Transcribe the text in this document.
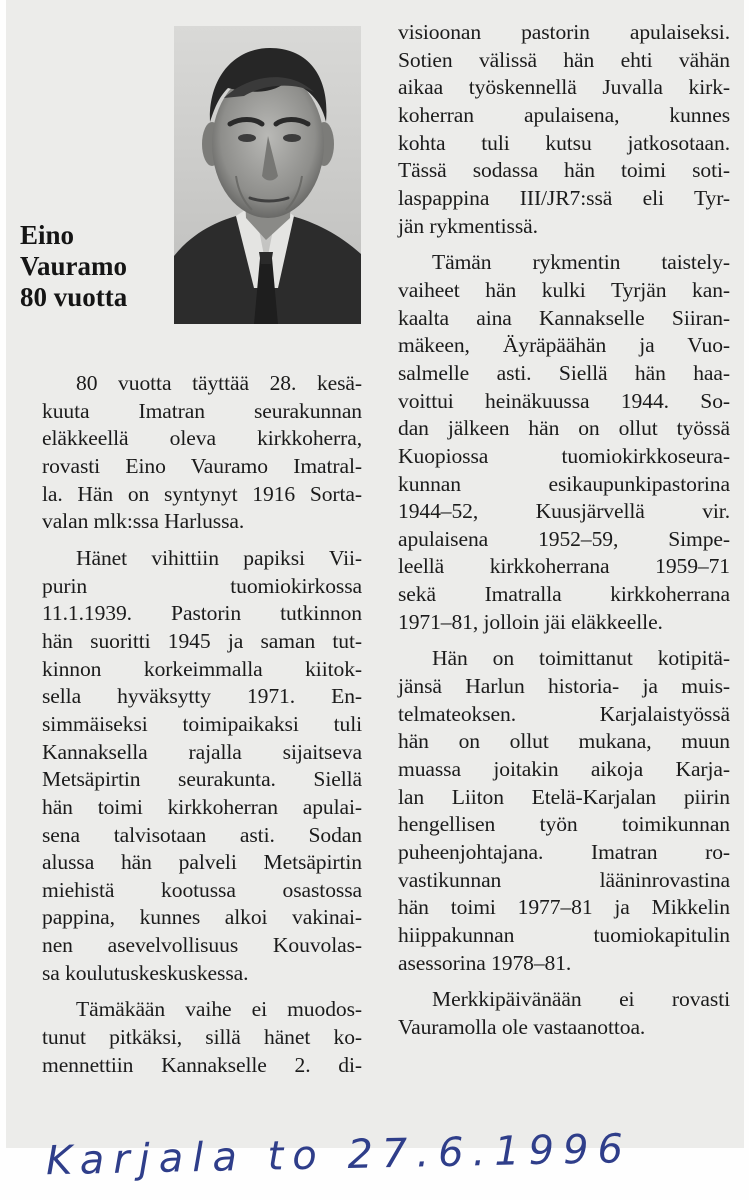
Eino
Vauramo
80 vuotta

80 vuotta täyttää 28. kesä-
kuuta Imatran seurakunnan
eläkkeellä oleva kirkkoherra,
rovasti Eino Vauramo Imatral-
la. Hän on syntynyt 1916 Sorta-
valan mlk:ssa Harlussa.

Hänet vihittiin papiksi Vii-
purin tuomiokirkossa
11.1.1939. Pastorin tutkinnon
hän suoritti 1945 ja saman tut-
kinnon korkeimmalla kiitok-
sella hyväksytty 1971. En-
simmäiseksi toimipaikaksi tuli
Kannaksella rajalla sijaitseva
Metsäpirtin seurakunta. Siellä
hän toimi kirkkoherran apulai-
sena talvisotaan asti. Sodan
alussa hän palveli Metsäpirtin
miehistä kootussa osastossa
pappina, kunnes alkoi vakinai-
nen asevelvollisuus Kouvolas-
sa koulutuskeskuskessa.

Tämäkään vaihe ei muodos-
tunut pitkäksi, sillä hänet ko-
mennettiin Kannakselle 2. di-

visioonan pastorin apulaiseksi.
Sotien välissä hän ehti vähän
aikaa työskennellä Juvalla kirk-
koherran apulaisena, kunnes
kohta tuli kutsu jatkosotaan.
Tässä sodassa hän toimi soti-
laspappina III/JR7:ssä eli Tyr-
jän rykmentissä.

Tämän rykmentin taistely-
vaiheet hän kulki Tyrjän kan-
kaalta aina Kannakselle Siiran-
mäkeen, Äyräpäähän ja Vuo-
salmelle asti. Siellä hän haa-
voittui heinäkuussa 1944. So-
dan jälkeen hän on ollut työssä
Kuopiossa tuomiokirkkoseura-
kunnan esikaupunkipastorina
1944–52, Kuusjärvellä vir.
apulaisena 1952–59, Simpe-
leellä kirkkoherrana 1959–71
sekä Imatralla kirkkoherrana
1971–81, jolloin jäi eläkkeelle.

Hän on toimittanut kotipitä-
jänsä Harlun historia- ja muis-
telmateoksen. Karjalaistyössä
hän on ollut mukana, muun
muassa joitakin aikoja Karja-
lan Liiton Etelä-Karjalan piirin
hengellisen työn toimikunnan
puheenjohtajana. Imatran ro-
vastikunnan lääninrovastina
hän toimi 1977–81 ja Mikkelin
hiippakunnan tuomiokapitulin
asessorina 1978–81.

Merkkipäivänään ei rovasti
Vauramolla ole vastaanottoa.

Karjala to 27.6.1996
